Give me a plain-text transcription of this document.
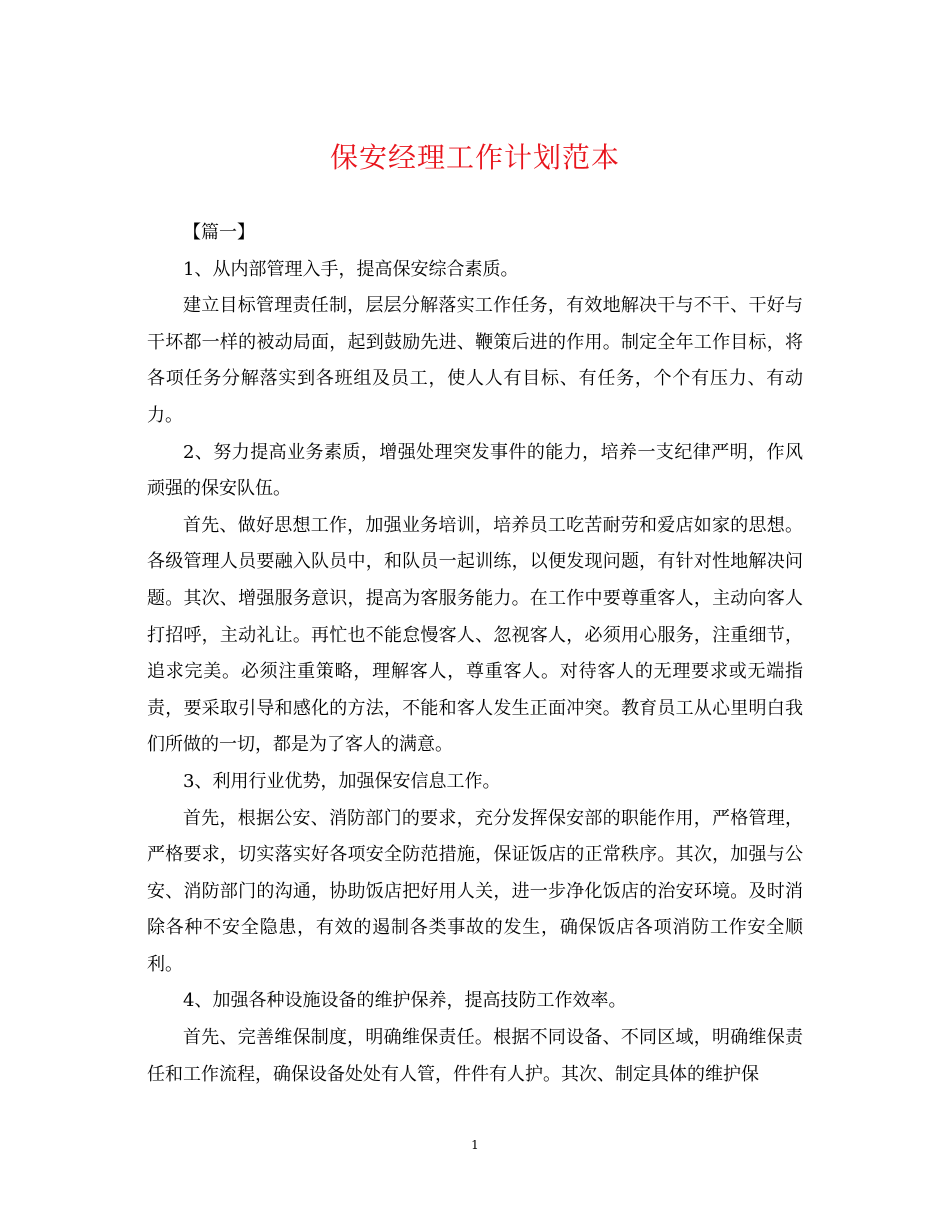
保安经理工作计划范本

【篇一】

1、从内部管理入手，提高保安综合素质。

建立目标管理责任制，层层分解落实工作任务，有效地解决干与不干、干好与干坏都一样的被动局面，起到鼓励先进、鞭策后进的作用。制定全年工作目标，将各项任务分解落实到各班组及员工，使人人有目标、有任务，个个有压力、有动力。

2、努力提高业务素质，增强处理突发事件的能力，培养一支纪律严明，作风顽强的保安队伍。

首先、做好思想工作，加强业务培训，培养员工吃苦耐劳和爱店如家的思想。各级管理人员要融入队员中，和队员一起训练，以便发现问题，有针对性地解决问题。其次、增强服务意识，提高为客服务能力。在工作中要尊重客人，主动向客人打招呼，主动礼让。再忙也不能怠慢客人、忽视客人，必须用心服务，注重细节，追求完美。必须注重策略，理解客人，尊重客人。对待客人的无理要求或无端指责，要采取引导和感化的方法，不能和客人发生正面冲突。教育员工从心里明白我们所做的一切，都是为了客人的满意。

3、利用行业优势，加强保安信息工作。

首先，根据公安、消防部门的要求，充分发挥保安部的职能作用，严格管理，严格要求，切实落实好各项安全防范措施，保证饭店的正常秩序。其次，加强与公安、消防部门的沟通，协助饭店把好用人关，进一步净化饭店的治安环境。及时消除各种不安全隐患，有效的遏制各类事故的发生，确保饭店各项消防工作安全顺利。

4、加强各种设施设备的维护保养，提高技防工作效率。

首先、完善维保制度，明确维保责任。根据不同设备、不同区域，明确维保责任和工作流程，确保设备处处有人管，件件有人护。其次、制定具体的维护保

1
